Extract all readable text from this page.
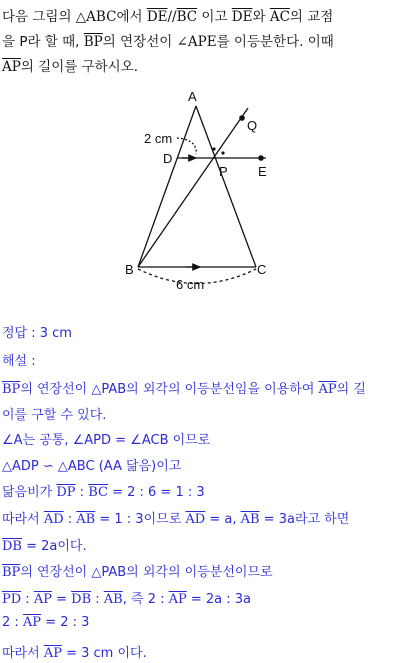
다음 그림의 △ABC에서 $\overline{DE}//\overline{BC}$ 이고 $\overline{DE}$와 $\overline{AC}$의 교점
을 P라 할 때, $\overline{BP}$의 연장선이 ∠APE를 이등분한다. 이때
$\overline{AP}$의 길이를 구하시오.
A
Q
D
P E
B	C
2 cm
6 cm
정답 : 3 cm
해설 :
$\overline{BP}$의 연장선이 △PAB의 외각의 이등분선임을 이용하여 $\overline{AP}$의 길
이를 구할 수 있다.
∠A는 공통, ∠APD = ∠ACB 이므로
△ADP ∽ △ABC (AA 닮음)이고
닮음비가 $\overline{DP}$ : $\overline{BC} = 2$ : 6 = 1 : 3
따라서 $\overline{AD}$ : $\overline{AB} = 1$ : 3이므로 $\overline{AD} = a$, $\overline{AB} = 3a$라고 하면
$\overline{DB} = 2a$이다.
$\overline{BP}$의 연장선이 △PAB의 외각의 이등분선이므로
$\overline{PD}$ : $\overline{AP} = \overline{DB}$ : $\overline{AB}$, 즉 2 : $\overline{AP} = 2a$ : 3a
2 : $\overline{AP} = 2$ : 3
따라서 $\overline{AP} = 3$ cm 이다.
